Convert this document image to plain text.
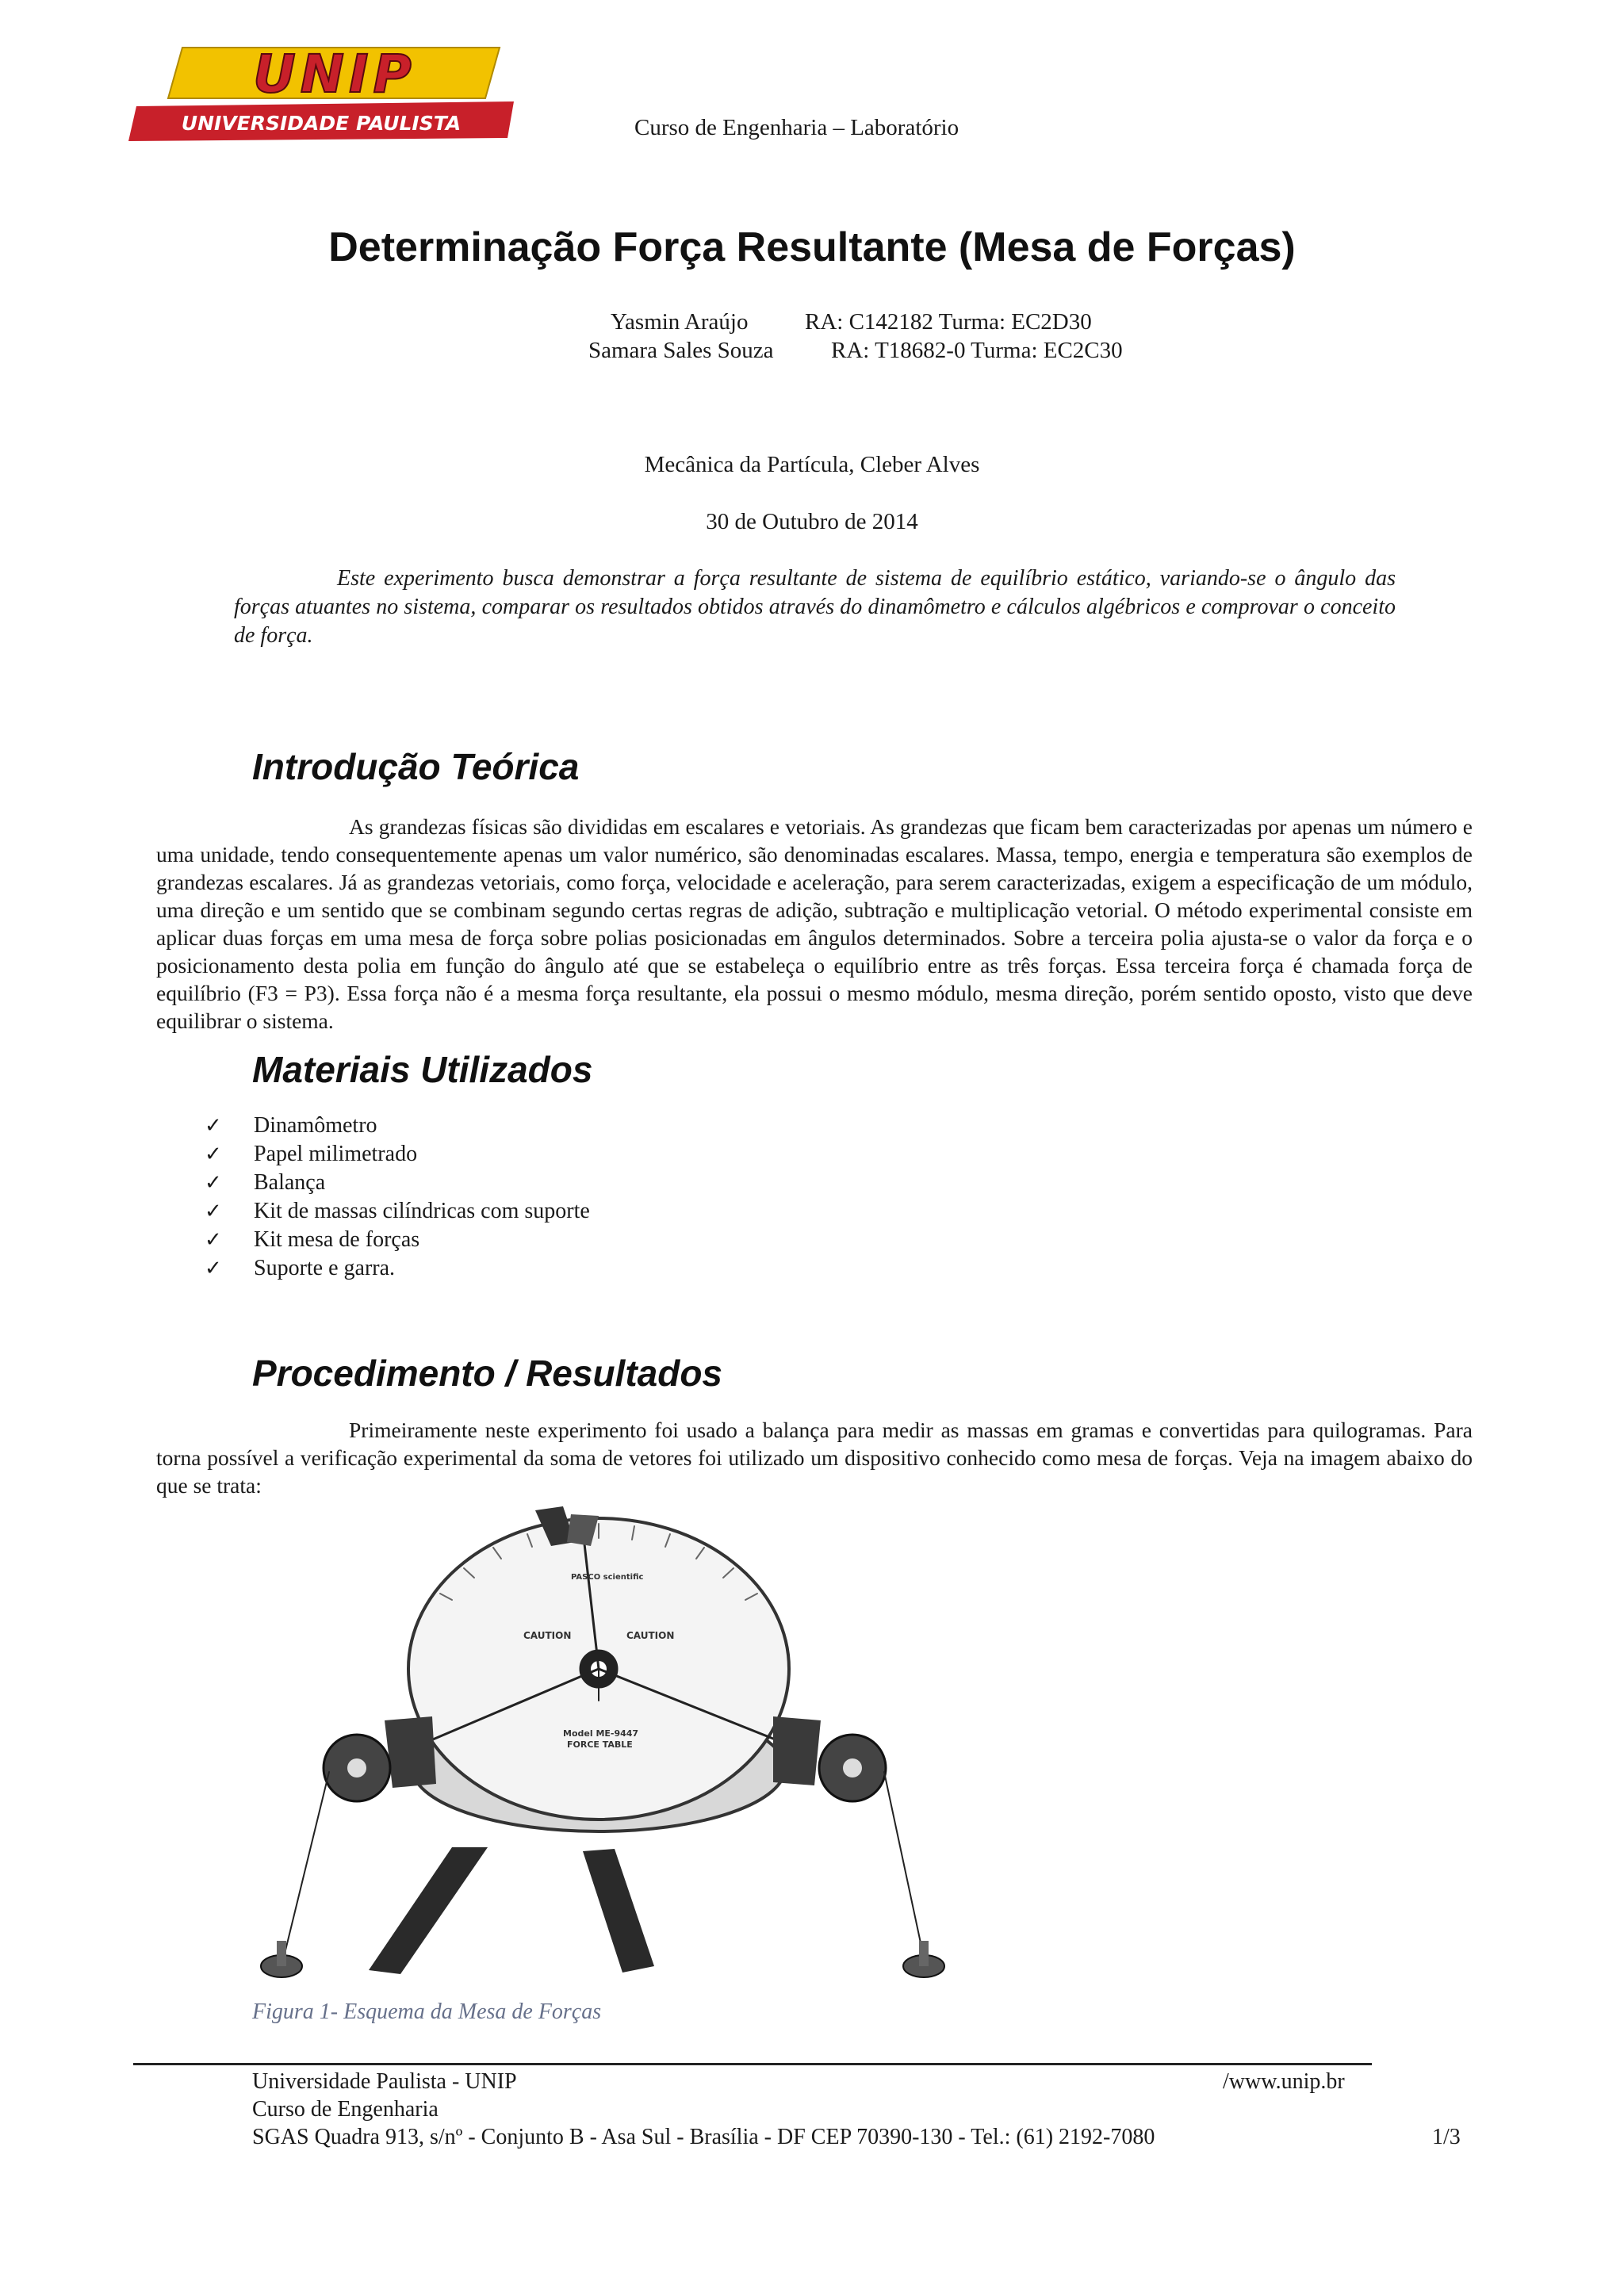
UNIP
UNIVERSIDADE PAULISTA	Curso de Engenharia – Laboratório
Determinação Força Resultante (Mesa de Forças)
Yasmin Araújo RA: C142182 Turma: EC2D30
Samara Sales Souza RA: T18682-0 Turma: EC2C30
Mecânica da Partícula, Cleber Alves
30 de Outubro de 2014

Este experimento busca demonstrar a força resultante de sistema de equilíbrio estático, variando-se o ângulo das forças atuantes no sistema, comparar os resultados obtidos através do dinamômetro e cálculos algébricos e comprovar o conceito de força.

Introdução Teórica

As grandezas físicas são divididas em escalares e vetoriais. As grandezas que ficam bem caracterizadas por apenas um número e uma unidade, tendo consequentemente apenas um valor numérico, são denominadas escalares. Massa, tempo, energia e temperatura são exemplos de grandezas escalares. Já as grandezas vetoriais, como força, velocidade e aceleração, para serem caracterizadas, exigem a especificação de um módulo, uma direção e um sentido que se combinam segundo certas regras de adição, subtração e multiplicação vetorial. O método experimental consiste em aplicar duas forças em uma mesa de força sobre polias posicionadas em ângulos determinados. Sobre a terceira polia ajusta-se o valor da força e o posicionamento desta polia em função do ângulo até que se estabeleça o equilíbrio entre as três forças. Essa terceira força é chamada força de equilíbrio (F3 = P3). Essa força não é a mesma força resultante, ela possui o mesmo módulo, mesma direção, porém sentido oposto, visto que deve equilibrar o sistema.

Materiais Utilizados
✓	Dinamômetro
✓	Papel milimetrado
✓	Balança
✓	Kit de massas cilíndricas com suporte
✓	Kit mesa de forças
✓	Suporte e garra.
Procedimento / Resultados

Primeiramente neste experimento foi usado a balança para medir as massas em gramas e convertidas para quilogramas. Para torna possível a verificação experimental da soma de vetores foi utilizado um dispositivo conhecido como mesa de forças. Veja na imagem abaixo do que se trata:

CAUTION	CAUTION
PASCO scientific
Model ME-9447
FORCE TABLE
Figura 1- Esquema da Mesa de Forças
Universidade Paulista - UNIP	/www.unip.br
Curso de Engenharia
SGAS Quadra 913, s/nº - Conjunto B - Asa Sul - Brasília - DF CEP 70390-130 - Tel.: (61) 2192-7080	1/3
